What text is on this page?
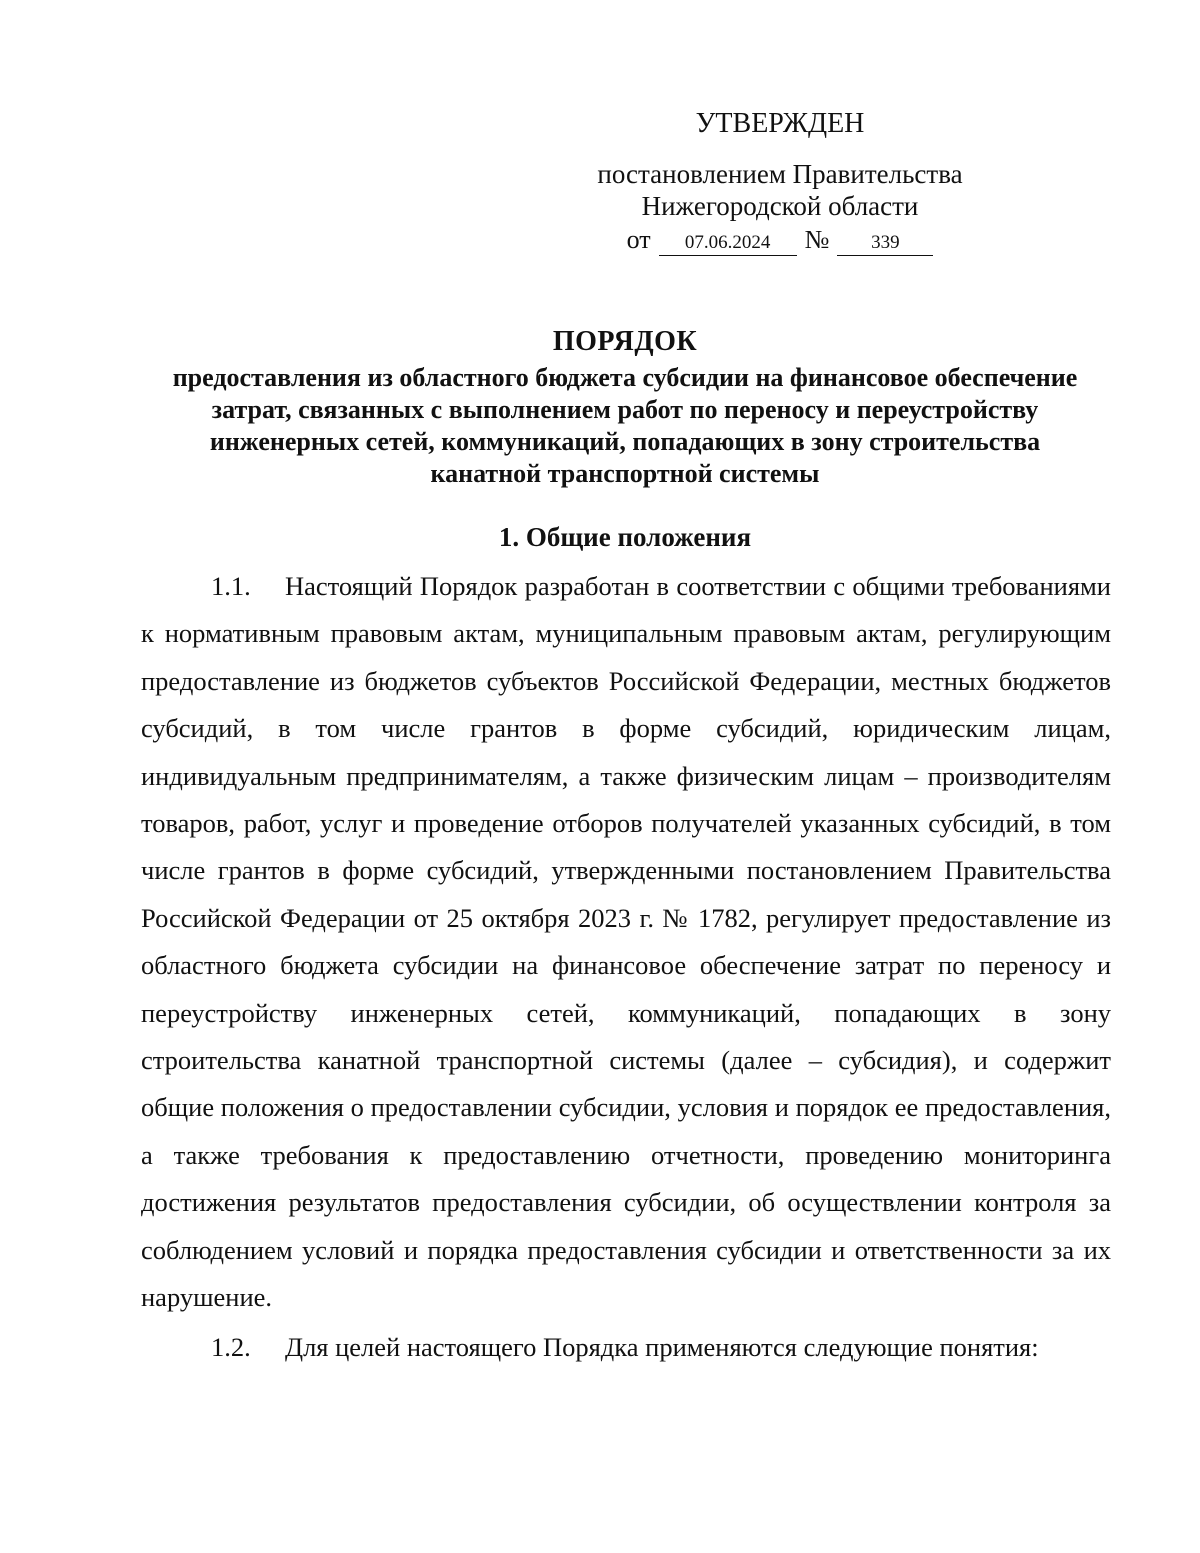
УТВЕРЖДЕН
постановлением Правительства
Нижегородской области
от	07.06.2024	№	339
ПОРЯДОК
предоставления из областного бюджета субсидии на финансовое обеспечение
затрат, связанных с выполнением работ по переносу и переустройству
инженерных сетей, коммуникаций, попадающих в зону строительства
канатной транспортной системы
1. Общие положения

1.1. Настоящий Порядок разработан в соответствии с общими требованиями к нормативным правовым актам, муниципальным правовым актам, регулирующим предоставление из бюджетов субъектов Российской Федерации, местных бюджетов субсидий, в том числе грантов в форме субсидий, юридическим лицам, индивидуальным предпринимателям, а также физическим лицам – производителям товаров, работ, услуг и проведение отборов получателей указанных субсидий, в том числе грантов в форме субсидий, утвержденными постановлением Правительства Российской Федерации от 25 октября 2023 г. № 1782, регулирует предоставление из областного бюджета субсидии на финансовое обеспечение затрат по переносу и переустройству инженерных сетей, коммуникаций, попадающих в зону строительства канатной транспортной системы (далее – субсидия), и содержит общие положения о предоставлении субсидии, условия и порядок ее предоставления, а также требования к предоставлению отчетности, проведению мониторинга достижения результатов предоставления субсидии, об осуществлении контроля за соблюдением условий и порядка предоставления субсидии и ответственности за их нарушение.

1.2. Для целей настоящего Порядка применяются следующие понятия:
